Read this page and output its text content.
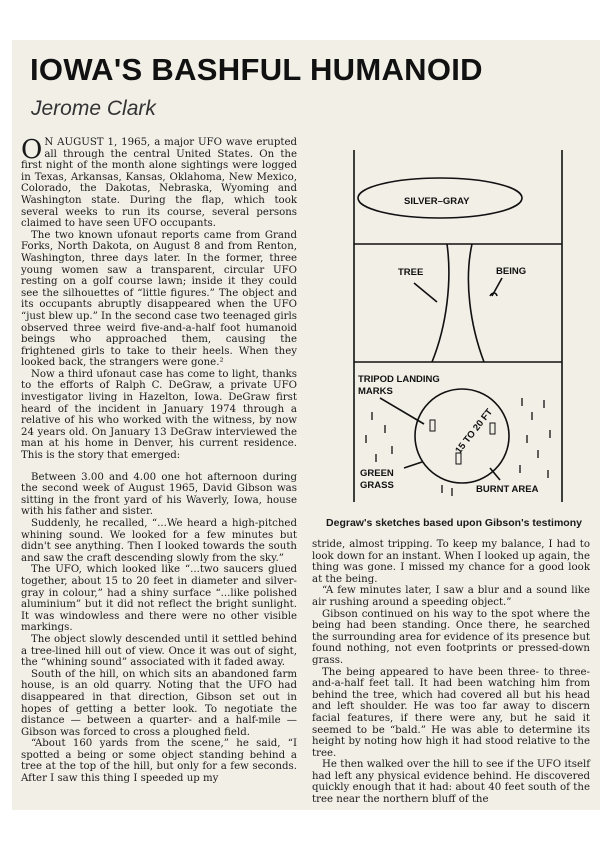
IOWA'S BASHFUL HUMANOID
Jerome Clark

O N AUGUST 1, 1965, a major UFO wave erupted all through the central United States. On the first night of the month alone sightings were logged in Texas, Arkansas, Kansas, Oklahoma, New Mexico, Colorado, the Dakotas, Nebraska, Wyoming and Washington state. During the flap, which took several weeks to run its course, several persons claimed to have seen UFO occupants.

The two known ufonaut reports came from Grand Forks, North Dakota, on August 8 and from Renton, Washington, three days later. In the former, three young women saw a transparent, circular UFO resting on a golf course lawn; inside it they could see the silhouettes of “little figures.” The object and its occupants abruptly disappeared when the UFO “just blew up.” In the second case two teenaged girls observed three weird five-and-a-half foot humanoid beings who approached them, causing the frightened girls to take to their heels. When they looked back, the strangers were gone.²

Now a third ufonaut case has come to light, thanks to the efforts of Ralph C. DeGraw, a private UFO investigator living in Hazelton, Iowa. DeGraw first heard of the incident in January 1974 through a relative of his who worked with the witness, by now 24 years old. On January 13 DeGraw interviewed the man at his home in Denver, his current residence. This is the story that emerged:

Between 3.00 and 4.00 one hot afternoon during the second week of August 1965, David Gibson was sitting in the front yard of his Waverly, Iowa, house with his father and sister.

Suddenly, he recalled, “...We heard a high-pitched whining sound. We looked for a few minutes but didn't see anything. Then I looked towards the south and saw the craft descending slowly from the sky.”

The UFO, which looked like “...two saucers glued together, about 15 to 20 feet in diameter and silver-gray in colour,” had a shiny surface “...like polished aluminium” but it did not reflect the bright sunlight. It was windowless and there were no other visible markings.

The object slowly descended until it settled behind a tree-lined hill out of view. Once it was out of sight, the “whining sound” associated with it faded away.

South of the hill, on which sits an abandoned farm house, is an old quarry. Noting that the UFO had disappeared in that direction, Gibson set out in hopes of getting a better look. To negotiate the distance — between a quarter- and a half-mile — Gibson was forced to cross a ploughed field.

“About 160 yards from the scene,” he said, “I spotted a being or some object standing behind a tree at the top of the hill, but only for a few seconds. After I saw this thing I speeded up my

SILVER–GRAY
TREE	BEING
TRIPOD LANDING
MARKS
15 TO 20 FT
GREEN
GRASS	BURNT AREA
Degraw's sketches based upon Gibson's testimony

stride, almost tripping. To keep my balance, I had to look down for an instant. When I looked up again, the thing was gone. I missed my chance for a good look at the being.

“A few minutes later, I saw a blur and a sound like air rushing around a speeding object.”

Gibson continued on his way to the spot where the being had been standing. Once there, he searched the surrounding area for evidence of its presence but found nothing, not even footprints or pressed-down grass.

The being appeared to have been three- to three-and-a-half feet tall. It had been watching him from behind the tree, which had covered all but his head and left shoulder. He was too far away to discern facial features, if there were any, but he said it seemed to be “bald.” He was able to determine its height by noting how high it had stood relative to the tree.

He then walked over the hill to see if the UFO itself had left any physical evidence behind. He discovered quickly enough that it had: about 40 feet south of the tree near the northern bluff of the
